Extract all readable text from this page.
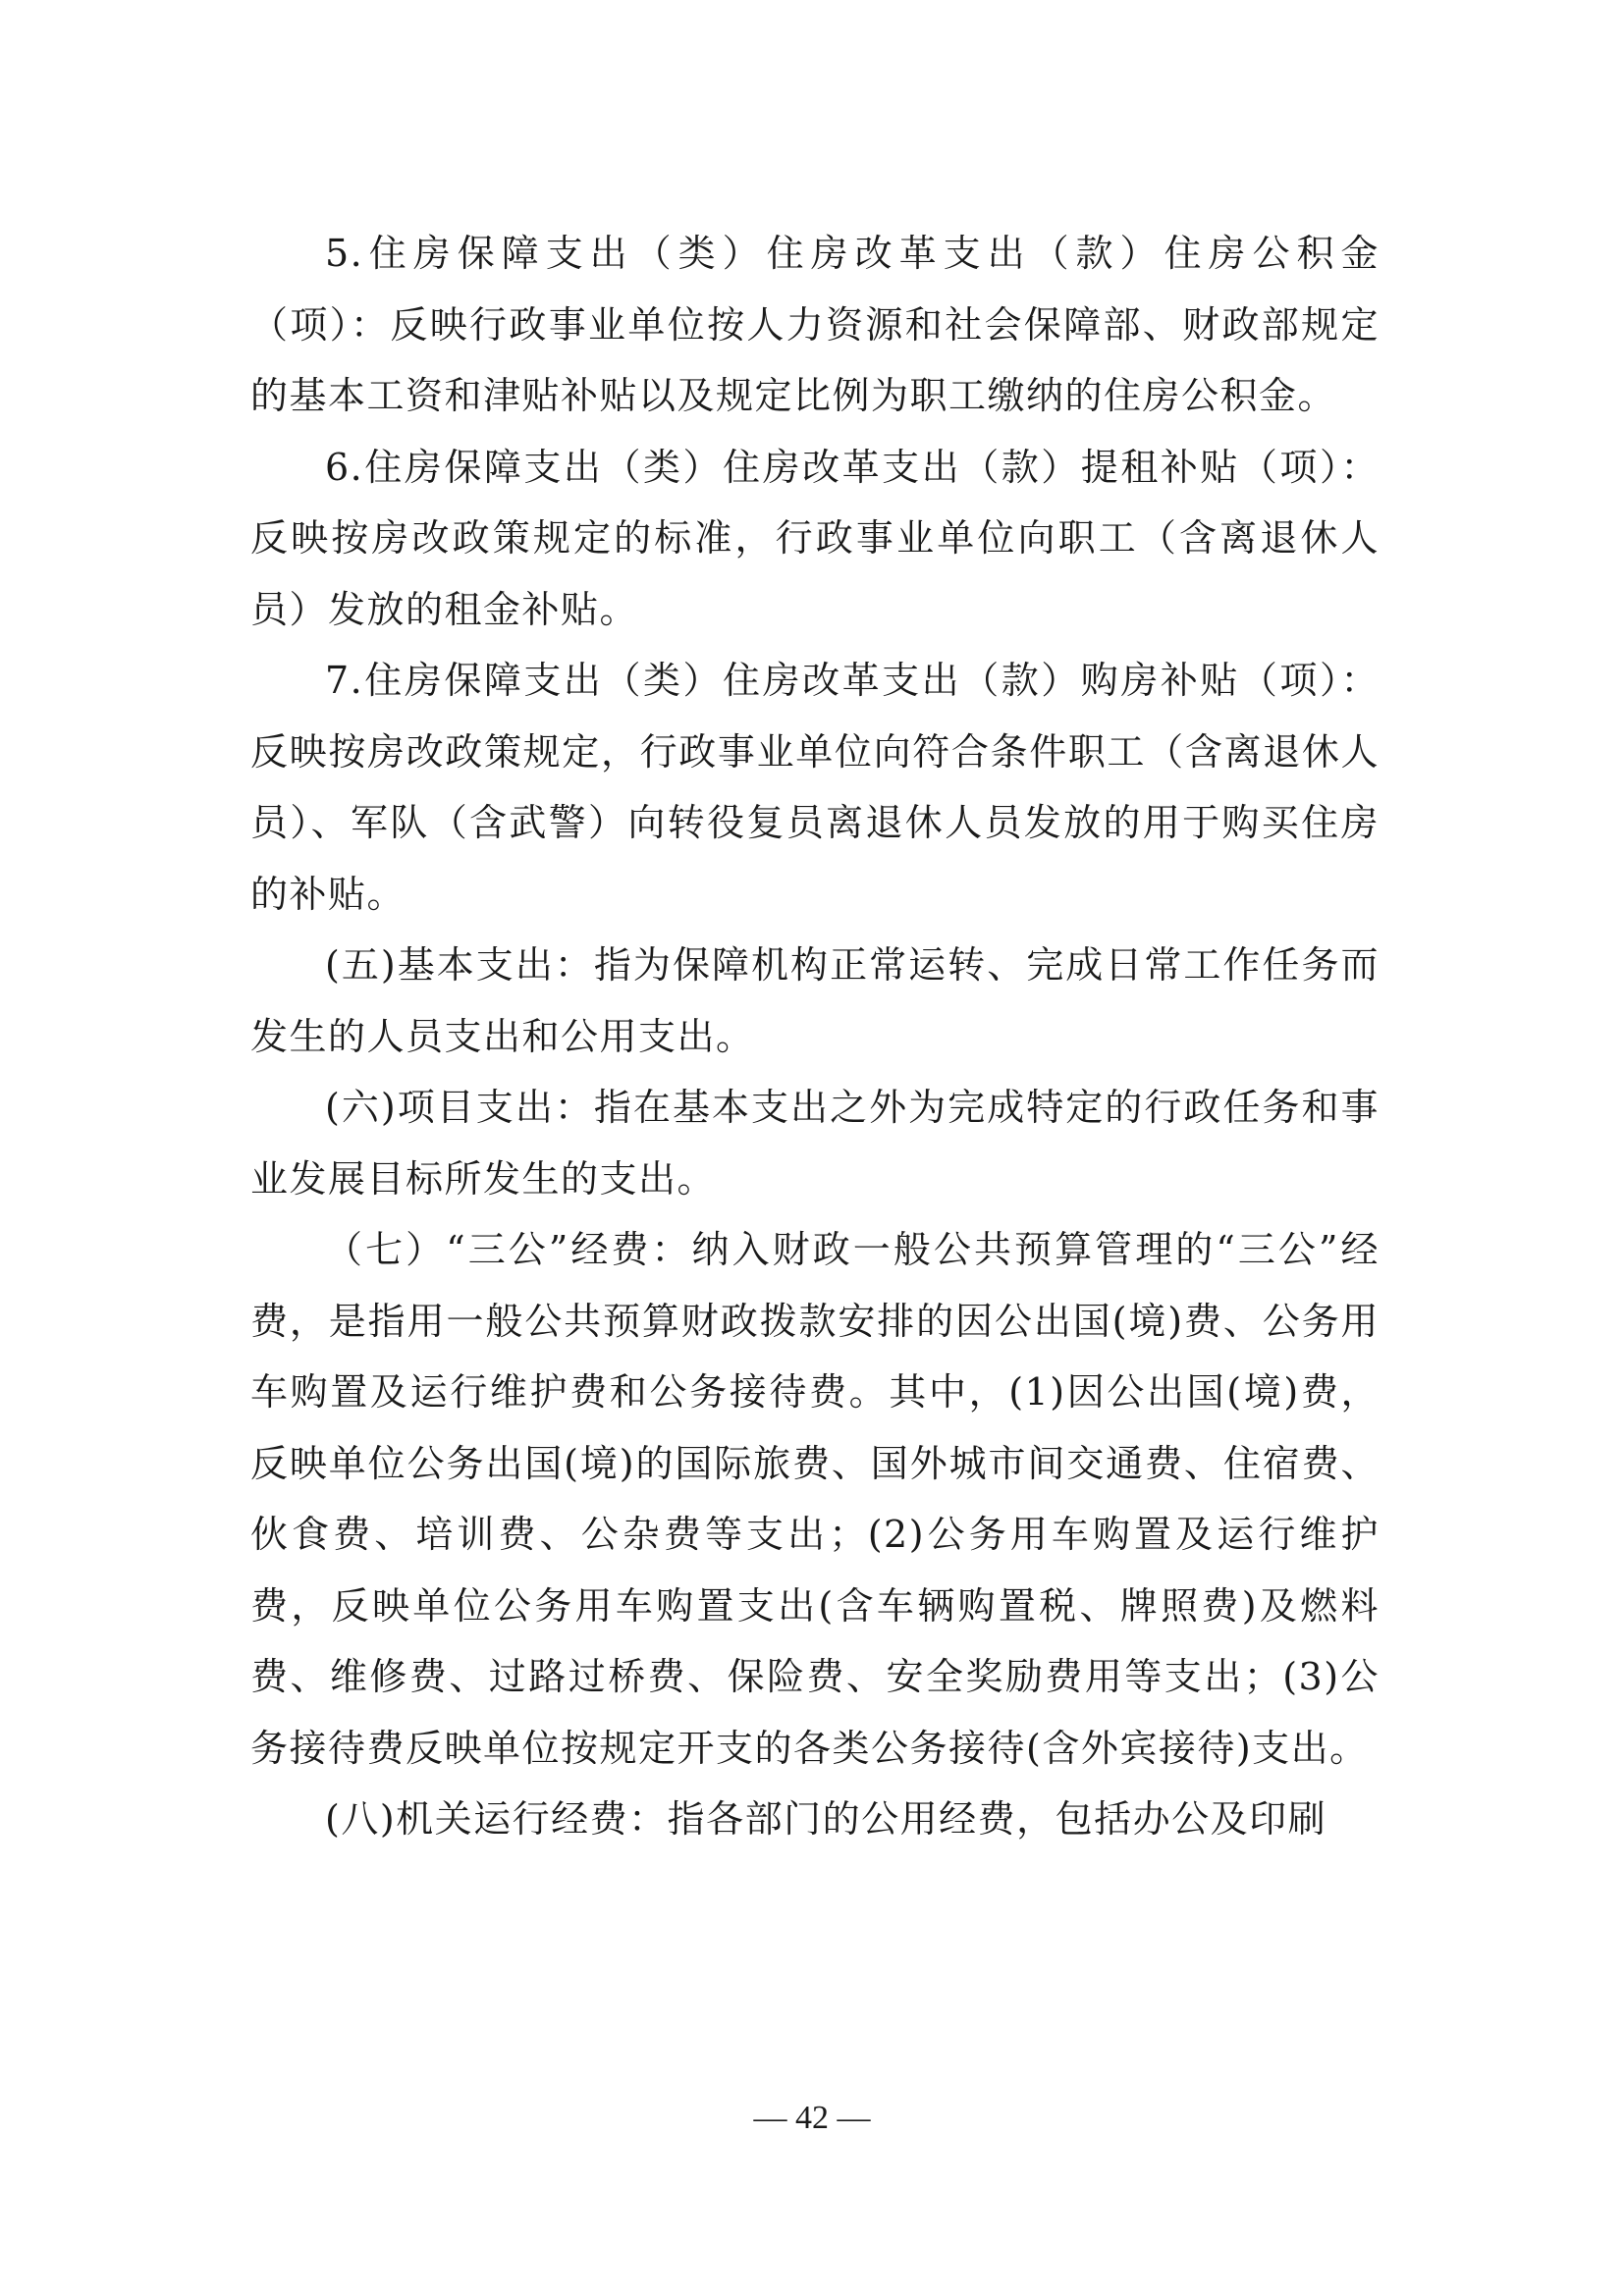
5.住房保障支出（类）住房改革支出（款）住房公积金（项）：反映行政事业单位按人力资源和社会保障部、财政部规定的基本工资和津贴补贴以及规定比例为职工缴纳的住房公积金。

6.住房保障支出（类）住房改革支出（款）提租补贴（项）：反映按房改政策规定的标准，行政事业单位向职工（含离退休人员）发放的租金补贴。

7.住房保障支出（类）住房改革支出（款）购房补贴（项）：反映按房改政策规定，行政事业单位向符合条件职工（含离退休人员）、军队（含武警）向转役复员离退休人员发放的用于购买住房的补贴。

(五)基本支出：指为保障机构正常运转、完成日常工作任务而发生的人员支出和公用支出。

(六)项目支出：指在基本支出之外为完成特定的行政任务和事业发展目标所发生的支出。

（七）“三公”经费：纳入财政一般公共预算管理的“三公”经费，是指用一般公共预算财政拨款安排的因公出国(境)费、公务用车购置及运行维护费和公务接待费。其中，(1)因公出国(境)费，反映单位公务出国(境)的国际旅费、国外城市间交通费、住宿费、伙食费、培训费、公杂费等支出；(2)公务用车购置及运行维护费，反映单位公务用车购置支出(含车辆购置税、牌照费)及燃料费、维修费、过路过桥费、保险费、安全奖励费用等支出；(3)公务接待费反映单位按规定开支的各类公务接待(含外宾接待)支出。

(八)机关运行经费：指各部门的公用经费，包括办公及印刷

— 42 —
